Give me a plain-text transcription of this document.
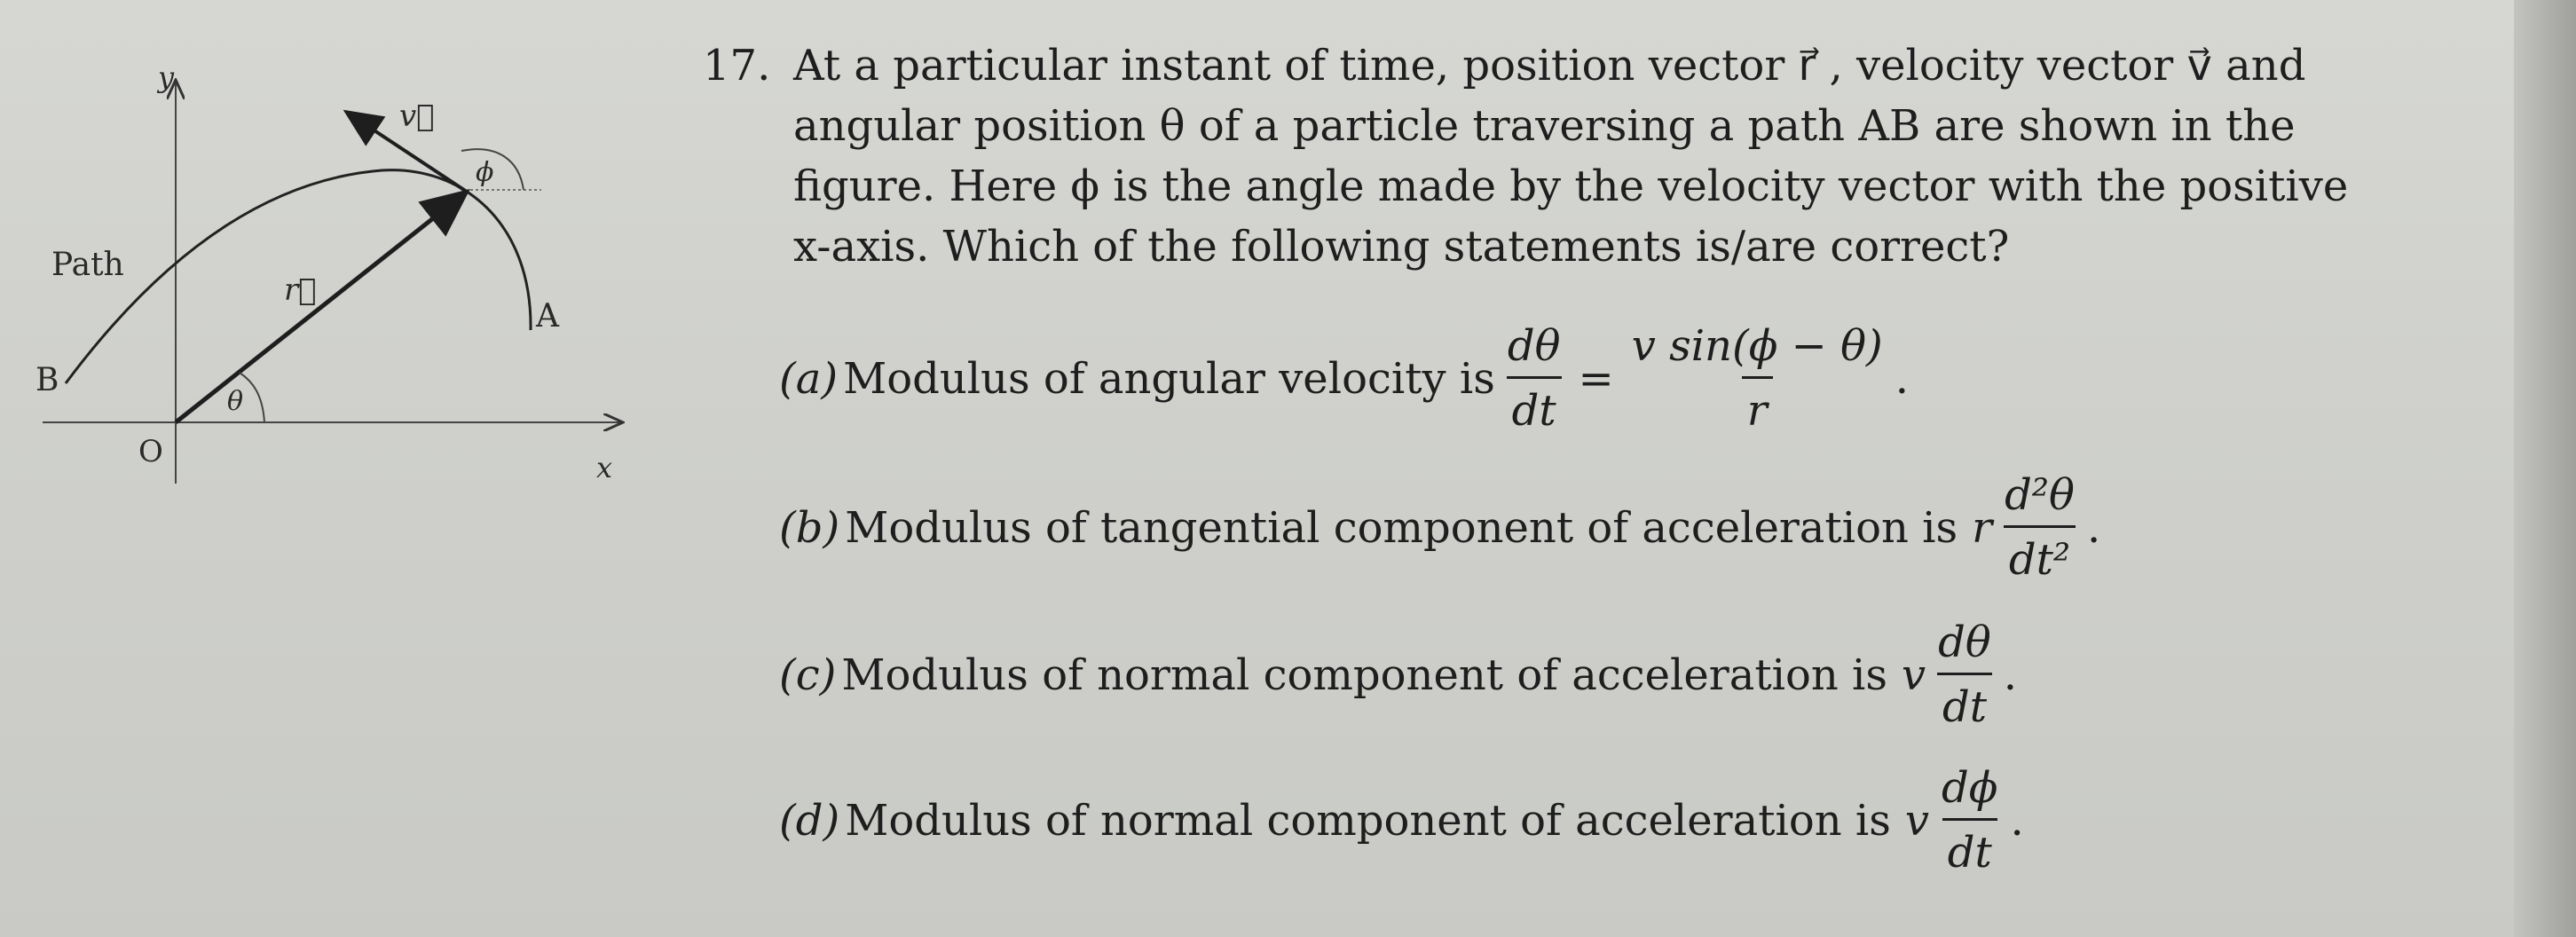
y
x
O
Path
B
A
r⃗
v⃗
θ
ϕ
17. At a particular instant of time, position vector r⃗ , velocity vector v⃗ and
angular position θ of a particle traversing a path AB are shown in the
figure. Here ϕ is the angle made by the velocity vector with the positive
x-axis. Which of the following statements is/are correct?
(a) Modulus of angular velocity is $\frac{d\theta}{dt} = \frac{\text{v sin(ϕ − θ)}}{r}$ .
(b) Modulus of tangential component of acceleration is r $\frac{\text{d²θ}}{\text{dt²}}$ .
(c) Modulus of normal component of acceleration is v $\frac{d\theta}{dt}$ .
(d) Modulus of normal component of acceleration is v $\frac{d\phi}{dt}$ .
